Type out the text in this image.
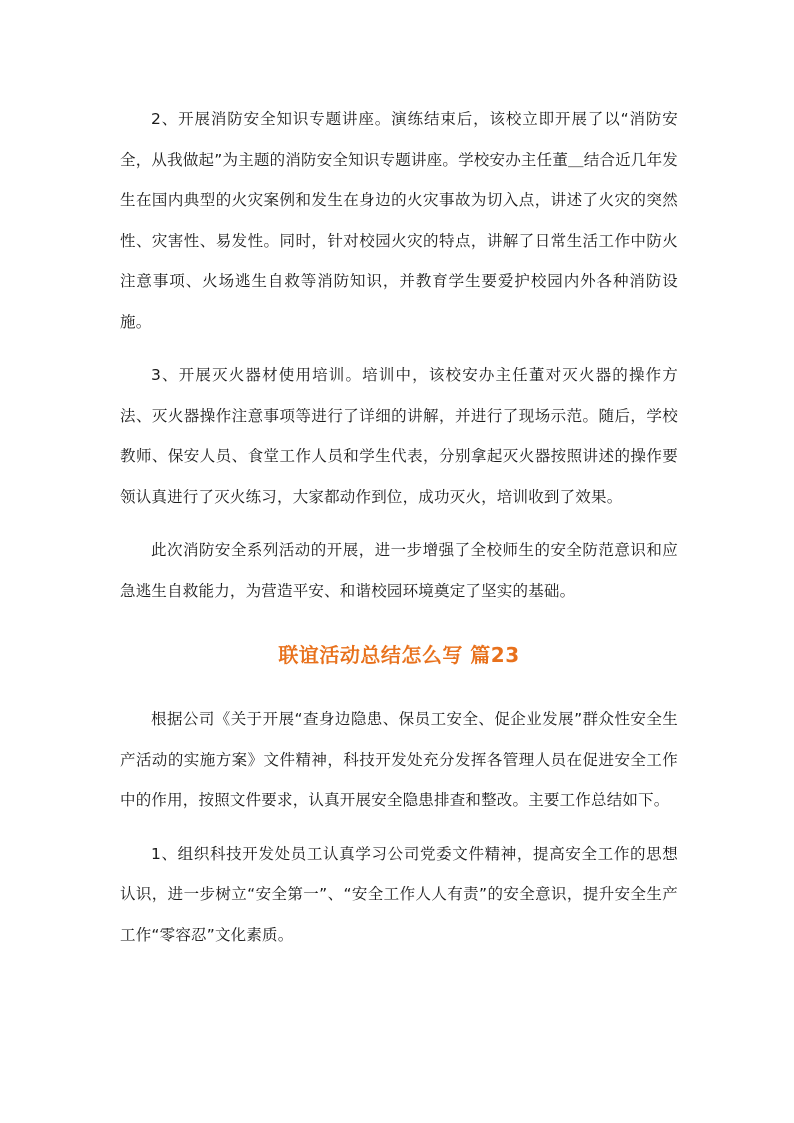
2、开展消防安全知识专题讲座。演练结束后，该校立即开展了以“消防安全，从我做起”为主题的消防安全知识专题讲座。学校安办主任董＿结合近几年发生在国内典型的火灾案例和发生在身边的火灾事故为切入点，讲述了火灾的突然性、灾害性、易发性。同时，针对校园火灾的特点，讲解了日常生活工作中防火注意事项、火场逃生自救等消防知识，并教育学生要爱护校园内外各种消防设施。

3、开展灭火器材使用培训。培训中，该校安办主任董对灭火器的操作方法、灭火器操作注意事项等进行了详细的讲解，并进行了现场示范。随后，学校教师、保安人员、食堂工作人员和学生代表，分别拿起灭火器按照讲述的操作要领认真进行了灭火练习，大家都动作到位，成功灭火，培训收到了效果。

此次消防安全系列活动的开展，进一步增强了全校师生的安全防范意识和应急逃生自救能力，为营造平安、和谐校园环境奠定了坚实的基础。

联谊活动总结怎么写 篇23

根据公司《关于开展“查身边隐患、保员工安全、促企业发展”群众性安全生产活动的实施方案》文件精神，科技开发处充分发挥各管理人员在促进安全工作中的作用，按照文件要求，认真开展安全隐患排查和整改。主要工作总结如下。

1、组织科技开发处员工认真学习公司党委文件精神，提高安全工作的思想认识，进一步树立“安全第一”、“安全工作人人有责”的安全意识，提升安全生产工作“零容忍”文化素质。
